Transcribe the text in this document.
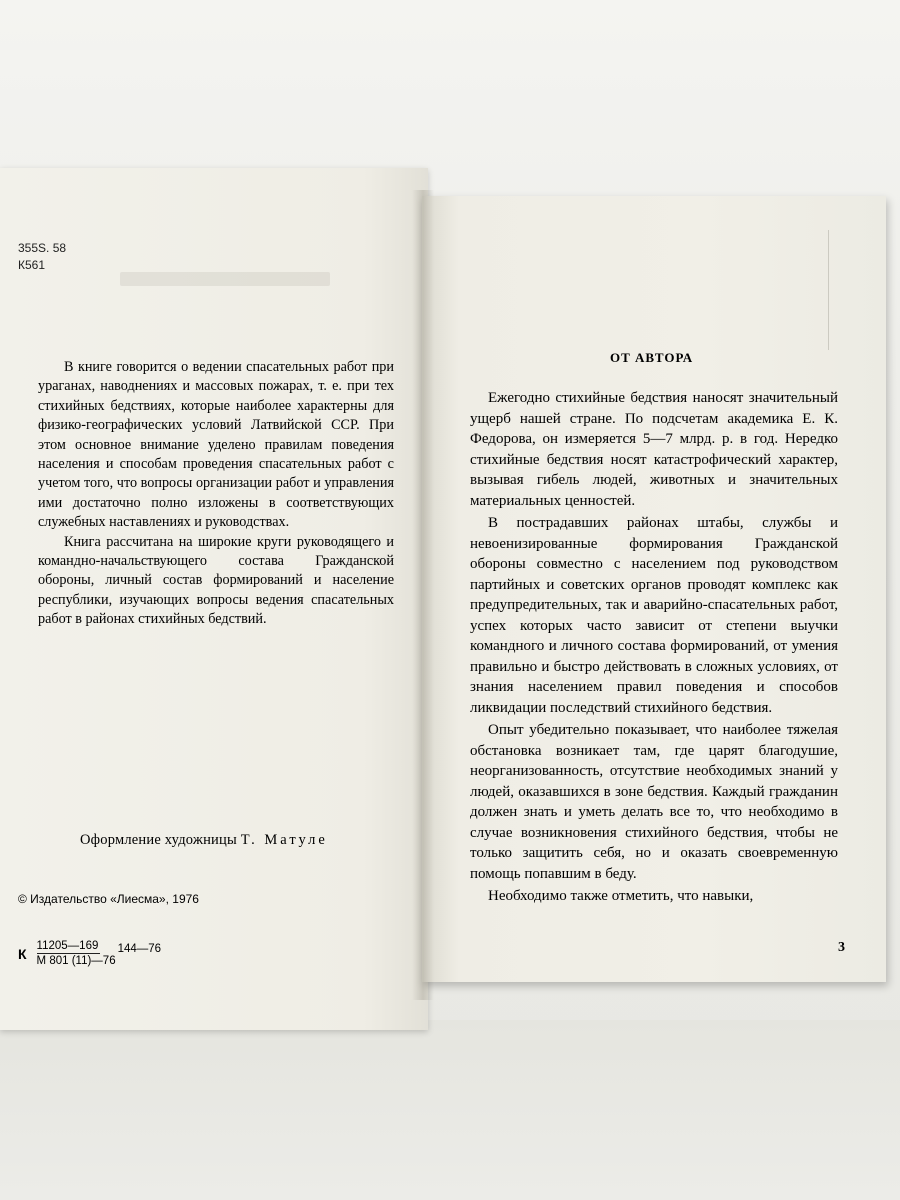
355S. 58
К561

В книге говорится о ведении спасательных работ при ураганах, наводнениях и массовых пожарах, т. е. при тех стихийных бедствиях, которые наиболее характерны для физико-географических условий Латвийской ССР. При этом основное внимание уделено правилам поведения населения и способам проведения спасательных работ с учетом того, что вопросы организации работ и управления ими достаточно полно изложены в соответствующих служебных наставлениях и руководствах.

Книга рассчитана на широкие круги руководящего и командно-начальствующего состава Гражданской обороны, личный состав формирований и население республики, изучающих вопросы ведения спасательных работ в районах стихийных бедствий.

Оформление художницы Т. Матуле
© Издательство «Лиесма», 1976
К $\frac{11205—169}{М 801 (11)—76}$ 144—76
ОТ АВТОРА

Ежегодно стихийные бедствия наносят значительный ущерб нашей стране. По подсчетам академика Е. К. Федорова, он измеряется 5—7 млрд. р. в год. Нередко стихийные бедствия носят катастрофический характер, вызывая гибель людей, животных и значительных материальных ценностей.

В пострадавших районах штабы, службы и невоенизированные формирования Гражданской обороны совместно с населением под руководством партийных и советских органов проводят комплекс как предупредительных, так и аварийно-спасательных работ, успех которых часто зависит от степени выучки командного и личного состава формирований, от умения правильно и быстро действовать в сложных условиях, от знания населением правил поведения и способов ликвидации последствий стихийного бедствия.

Опыт убедительно показывает, что наиболее тяжелая обстановка возникает там, где царят благодушие, неорганизованность, отсутствие необходимых знаний у людей, оказавшихся в зоне бедствия. Каждый гражданин должен знать и уметь делать все то, что необходимо в случае возникновения стихийного бедствия, чтобы не только защитить себя, но и оказать своевременную помощь попавшим в беду.

Необходимо также отметить, что навыки,

3
